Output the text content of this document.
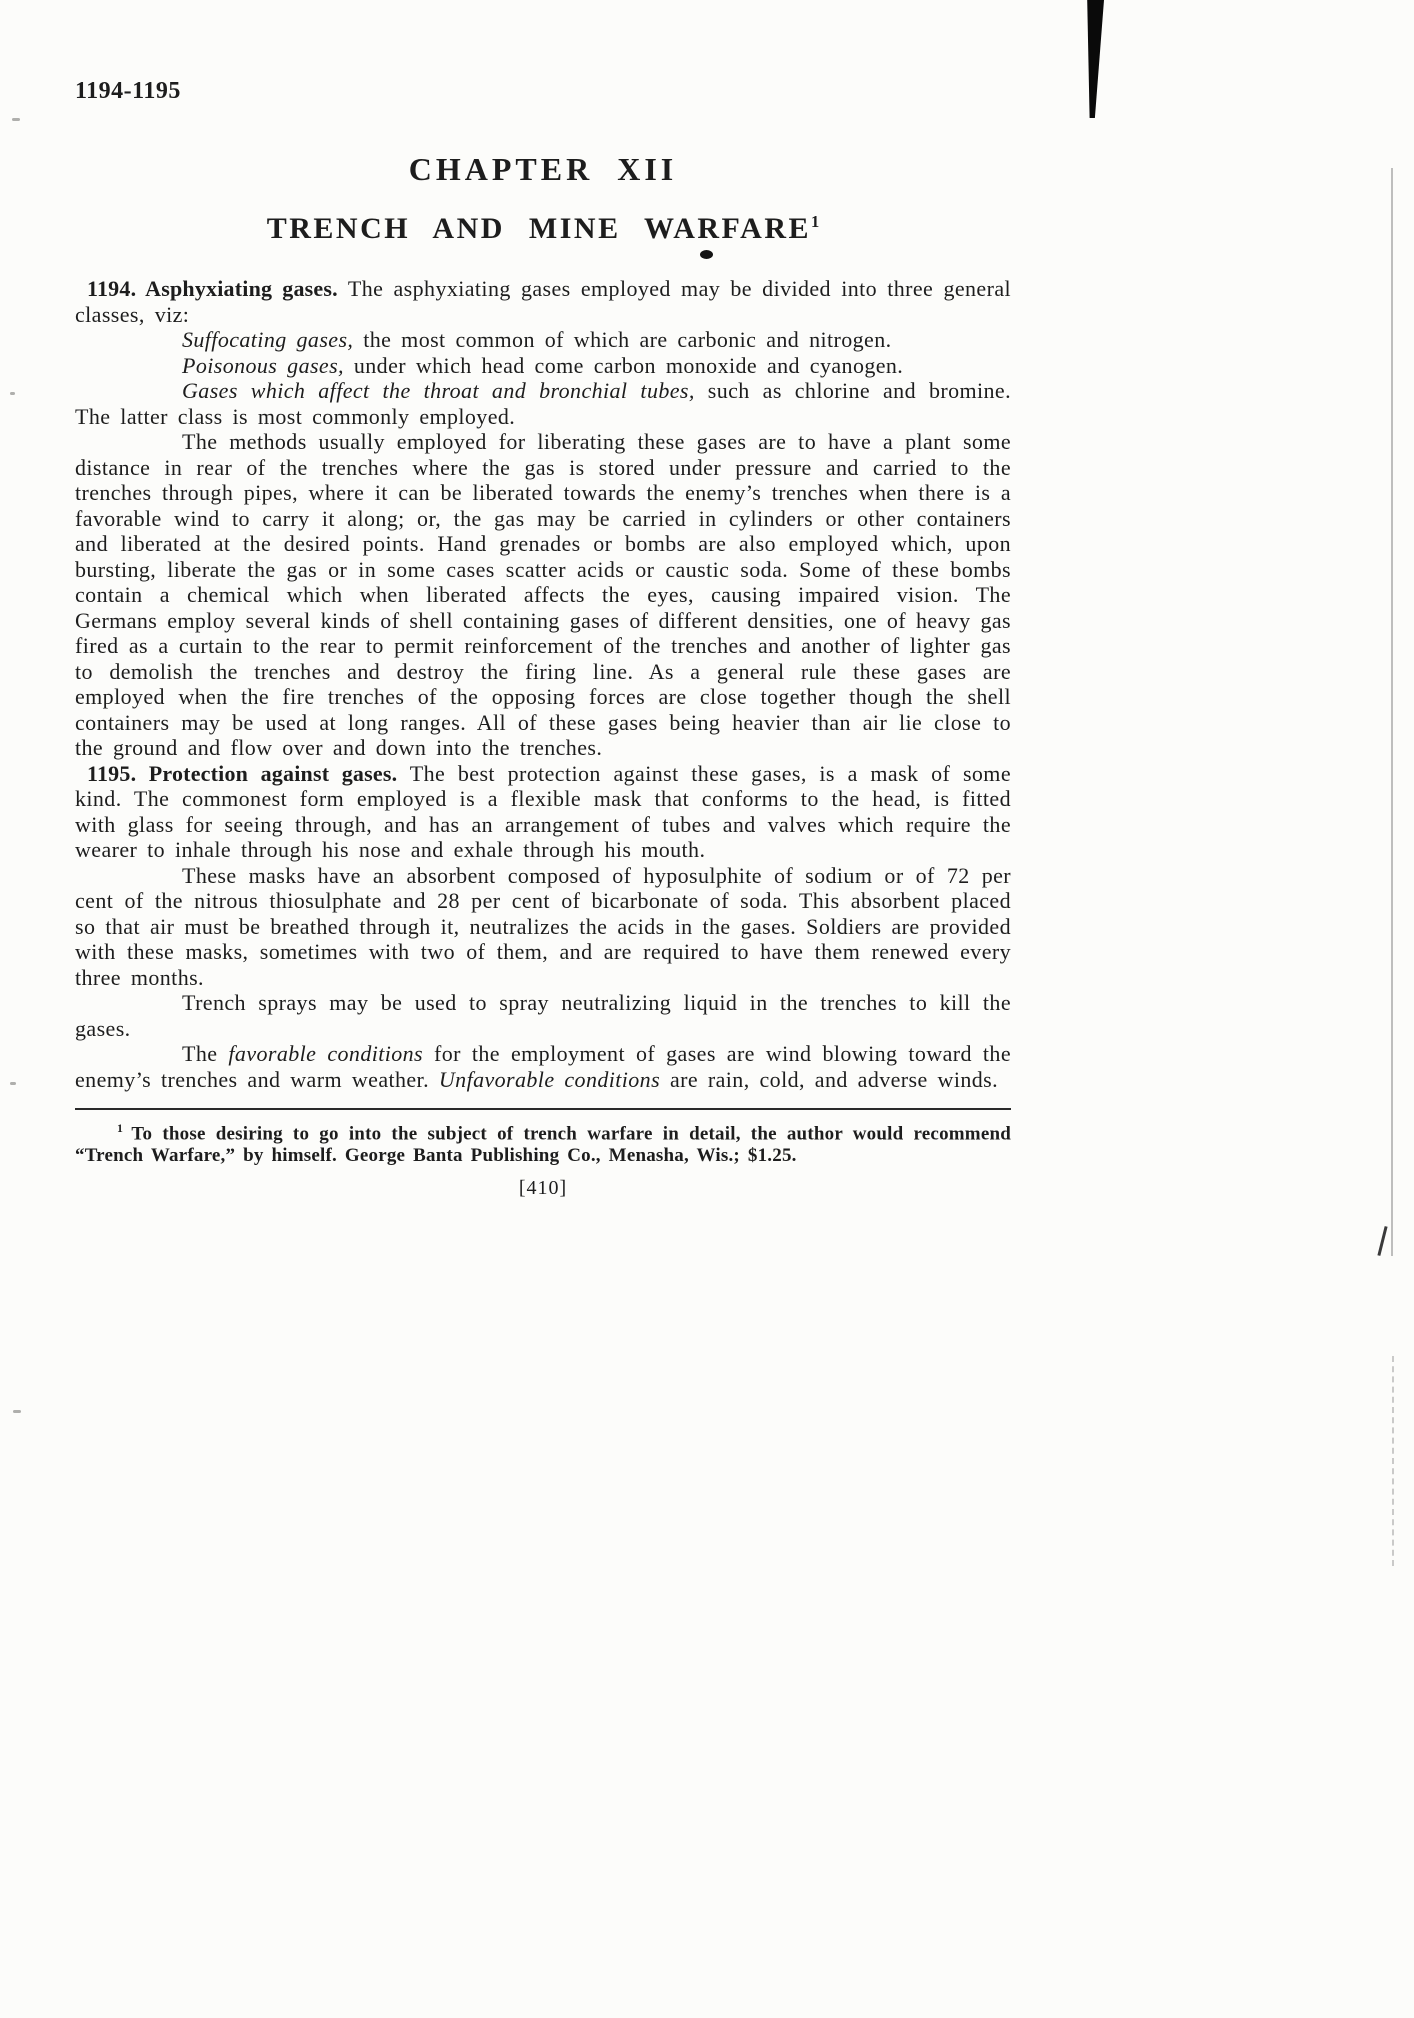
1194-1195
CHAPTER XII
TRENCH AND MINE WARFARE$^1$

1194. Asphyxiating gases. The asphyxiating gases employed may be divided into three general classes, viz:

Suffocating gases, the most common of which are carbonic and nitrogen.

Poisonous gases, under which head come carbon monoxide and cyanogen.

Gases which affect the throat and bronchial tubes, such as chlorine and bromine. The latter class is most commonly employed.

The methods usually employed for liberating these gases are to have a plant some distance in rear of the trenches where the gas is stored under pressure and carried to the trenches through pipes, where it can be liberated towards the enemy’s trenches when there is a favorable wind to carry it along; or, the gas may be carried in cylinders or other containers and liberated at the desired points. Hand grenades or bombs are also employed which, upon bursting, liberate the gas or in some cases scatter acids or caustic soda. Some of these bombs contain a chemical which when liberated affects the eyes, causing impaired vision. The Germans employ several kinds of shell containing gases of different densities, one of heavy gas fired as a curtain to the rear to permit reinforcement of the trenches and another of lighter gas to demolish the trenches and destroy the firing line. As a general rule these gases are employed when the fire trenches of the opposing forces are close together though the shell containers may be used at long ranges. All of these gases being heavier than air lie close to the ground and flow over and down into the trenches.

1195. Protection against gases. The best protection against these gases, is a mask of some kind. The commonest form employed is a flexible mask that conforms to the head, is fitted with glass for seeing through, and has an arrangement of tubes and valves which require the wearer to inhale through his nose and exhale through his mouth.

These masks have an absorbent composed of hyposulphite of sodium or of 72 per cent of the nitrous thiosulphate and 28 per cent of bicarbonate of soda. This absorbent placed so that air must be breathed through it, neutralizes the acids in the gases. Soldiers are provided with these masks, sometimes with two of them, and are required to have them renewed every three months.

Trench sprays may be used to spray neutralizing liquid in the trenches to kill the gases.

The favorable conditions for the employment of gases are wind blowing toward the enemy’s trenches and warm weather. Unfavorable conditions are rain, cold, and adverse winds.

$^1$ To those desiring to go into the subject of trench warfare in detail, the author would recommend “Trench Warfare,” by himself. George Banta Publishing Co., Menasha, Wis.; $1.25.

[410]
